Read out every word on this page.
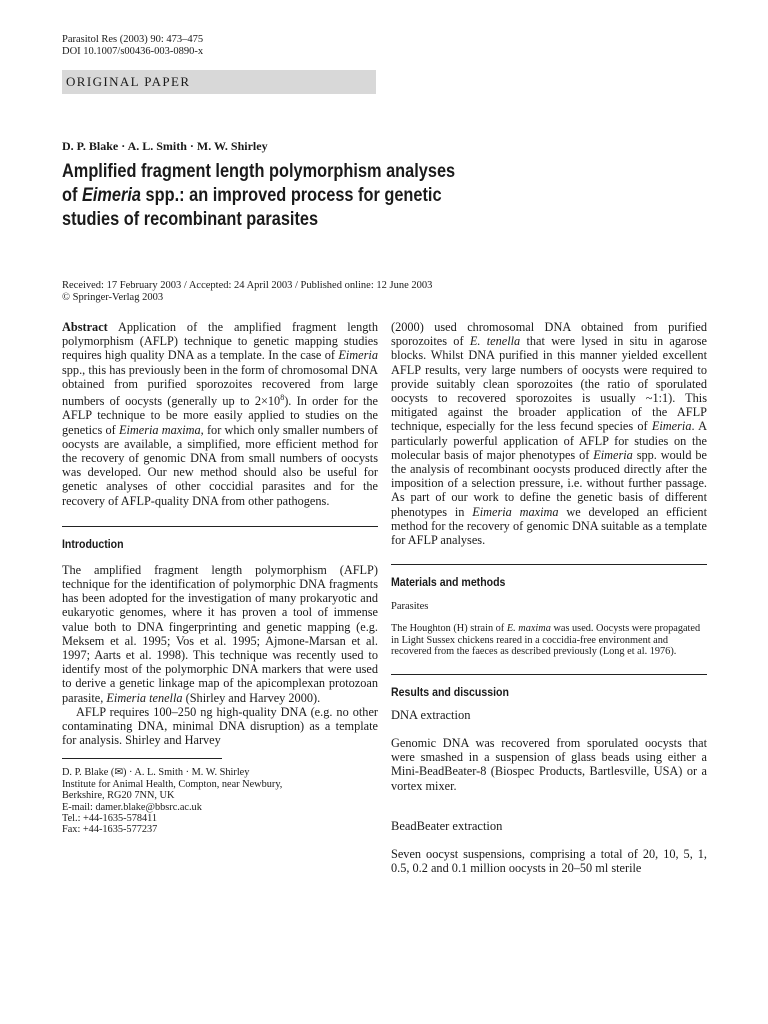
Parasitol Res (2003) 90: 473–475
DOI 10.1007/s00436-003-0890-x
ORIGINAL PAPER
D. P. Blake · A. L. Smith · M. W. Shirley
Amplified fragment length polymorphism analyses
of Eimeria spp.: an improved process for genetic
studies of recombinant parasites
Received: 17 February 2003 / Accepted: 24 April 2003 / Published online: 12 June 2003
© Springer-Verlag 2003

Abstract Application of the amplified fragment length polymorphism (AFLP) technique to genetic mapping studies requires high quality DNA as a template. In the case of Eimeria spp., this has previously been in the form of chromosomal DNA obtained from purified sporozoites recovered from large numbers of oocysts (generally up to $2\times 10^8$). In order for the AFLP technique to be more easily applied to studies on the genetics of Eimeria maxima, for which only smaller numbers of oocysts are available, a simplified, more efficient method for the recovery of genomic DNA from small numbers of oocysts was developed. Our new method should also be useful for genetic analyses of other coccidial parasites and for the recovery of AFLP-quality DNA from other pathogens.

Introduction

The amplified fragment length polymorphism (AFLP) technique for the identification of polymorphic DNA fragments has been adopted for the investigation of many prokaryotic and eukaryotic genomes, where it has proven a tool of immense value both to DNA fingerprinting and genetic mapping (e.g. Meksem et al. 1995; Vos et al. 1995; Ajmone-Marsan et al. 1997; Aarts et al. 1998). This technique was recently used to identify most of the polymorphic DNA markers that were used to derive a genetic linkage map of the apicomplexan protozoan parasite, Eimeria tenella (Shirley and Harvey 2000).

AFLP requires 100–250 ng high-quality DNA (e.g. no other contaminating DNA, minimal DNA disruption) as a template for analysis. Shirley and Harvey

D. P. Blake (✉) · A. L. Smith · M. W. Shirley

Institute for Animal Health, Compton, near Newbury,

Berkshire, RG20 7NN, UK

E-mail: damer.blake@bbsrc.ac.uk

Tel.: +44-1635-578411

Fax: +44-1635-577237

(2000) used chromosomal DNA obtained from purified sporozoites of E. tenella that were lysed in situ in agarose blocks. Whilst DNA purified in this manner yielded excellent AFLP results, very large numbers of oocysts were required to provide suitably clean sporozoites (the ratio of sporulated oocysts to recovered sporozoites is usually ~1:1). This mitigated against the broader application of the AFLP technique, especially for the less fecund species of Eimeria. A particularly powerful application of AFLP for studies on the molecular basis of major phenotypes of Eimeria spp. would be the analysis of recombinant oocysts produced directly after the imposition of a selection pressure, i.e. without further passage. As part of our work to define the genetic basis of different phenotypes in Eimeria maxima we developed an efficient method for the recovery of genomic DNA suitable as a template for AFLP analyses.

Materials and methods
Parasites

The Houghton (H) strain of E. maxima was used. Oocysts were propagated in Light Sussex chickens reared in a coccidia-free environment and recovered from the faeces as described previously (Long et al. 1976).

Results and discussion
DNA extraction

Genomic DNA was recovered from sporulated oocysts that were smashed in a suspension of glass beads using either a Mini-BeadBeater-8 (Biospec Products, Bartlesville, USA) or a vortex mixer.

BeadBeater extraction

Seven oocyst suspensions, comprising a total of 20, 10, 5, 1, 0.5, 0.2 and 0.1 million oocysts in 20–50 ml sterile
